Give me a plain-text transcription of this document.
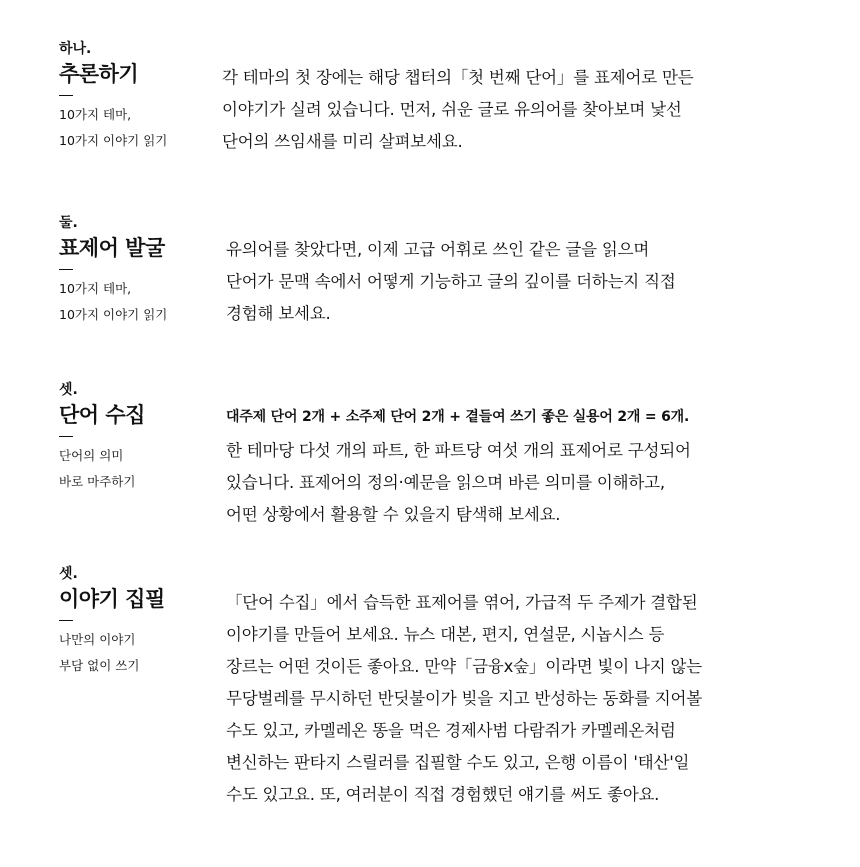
하나.
추론하기
10가지 테마,
10가지 이야기 읽기

각 테마의 첫 장에는 해당 챕터의「첫 번째 단어」를 표제어로 만든

이야기가 실려 있습니다. 먼저, 쉬운 글로 유의어를 찾아보며 낯선

단어의 쓰임새를 미리 살펴보세요.

둘.
표제어 발굴
10가지 테마,
10가지 이야기 읽기

유의어를 찾았다면, 이제 고급 어휘로 쓰인 같은 글을 읽으며

단어가 문맥 속에서 어떻게 기능하고 글의 깊이를 더하는지 직접

경험해 보세요.

셋.
단어 수집
단어의 의미
바로 마주하기
대주제 단어 2개 + 소주제 단어 2개 + 곁들여 쓰기 좋은 실용어 2개 = 6개.

한 테마당 다섯 개의 파트, 한 파트당 여섯 개의 표제어로 구성되어

있습니다. 표제어의 정의·예문을 읽으며 바른 의미를 이해하고,

어떤 상황에서 활용할 수 있을지 탐색해 보세요.

셋.
이야기 집필
나만의 이야기
부담 없이 쓰기

「단어 수집」에서 습득한 표제어를 엮어, 가급적 두 주제가 결합된

이야기를 만들어 보세요. 뉴스 대본, 편지, 연설문, 시놉시스 등

장르는 어떤 것이든 좋아요. 만약「금융x숲」이라면 빛이 나지 않는

무당벌레를 무시하던 반딧불이가 빚을 지고 반성하는 동화를 지어볼

수도 있고, 카멜레온 똥을 먹은 경제사범 다람쥐가 카멜레온처럼

변신하는 판타지 스릴러를 집필할 수도 있고, 은행 이름이 '태산'일

수도 있고요. 또, 여러분이 직접 경험했던 얘기를 써도 좋아요.
